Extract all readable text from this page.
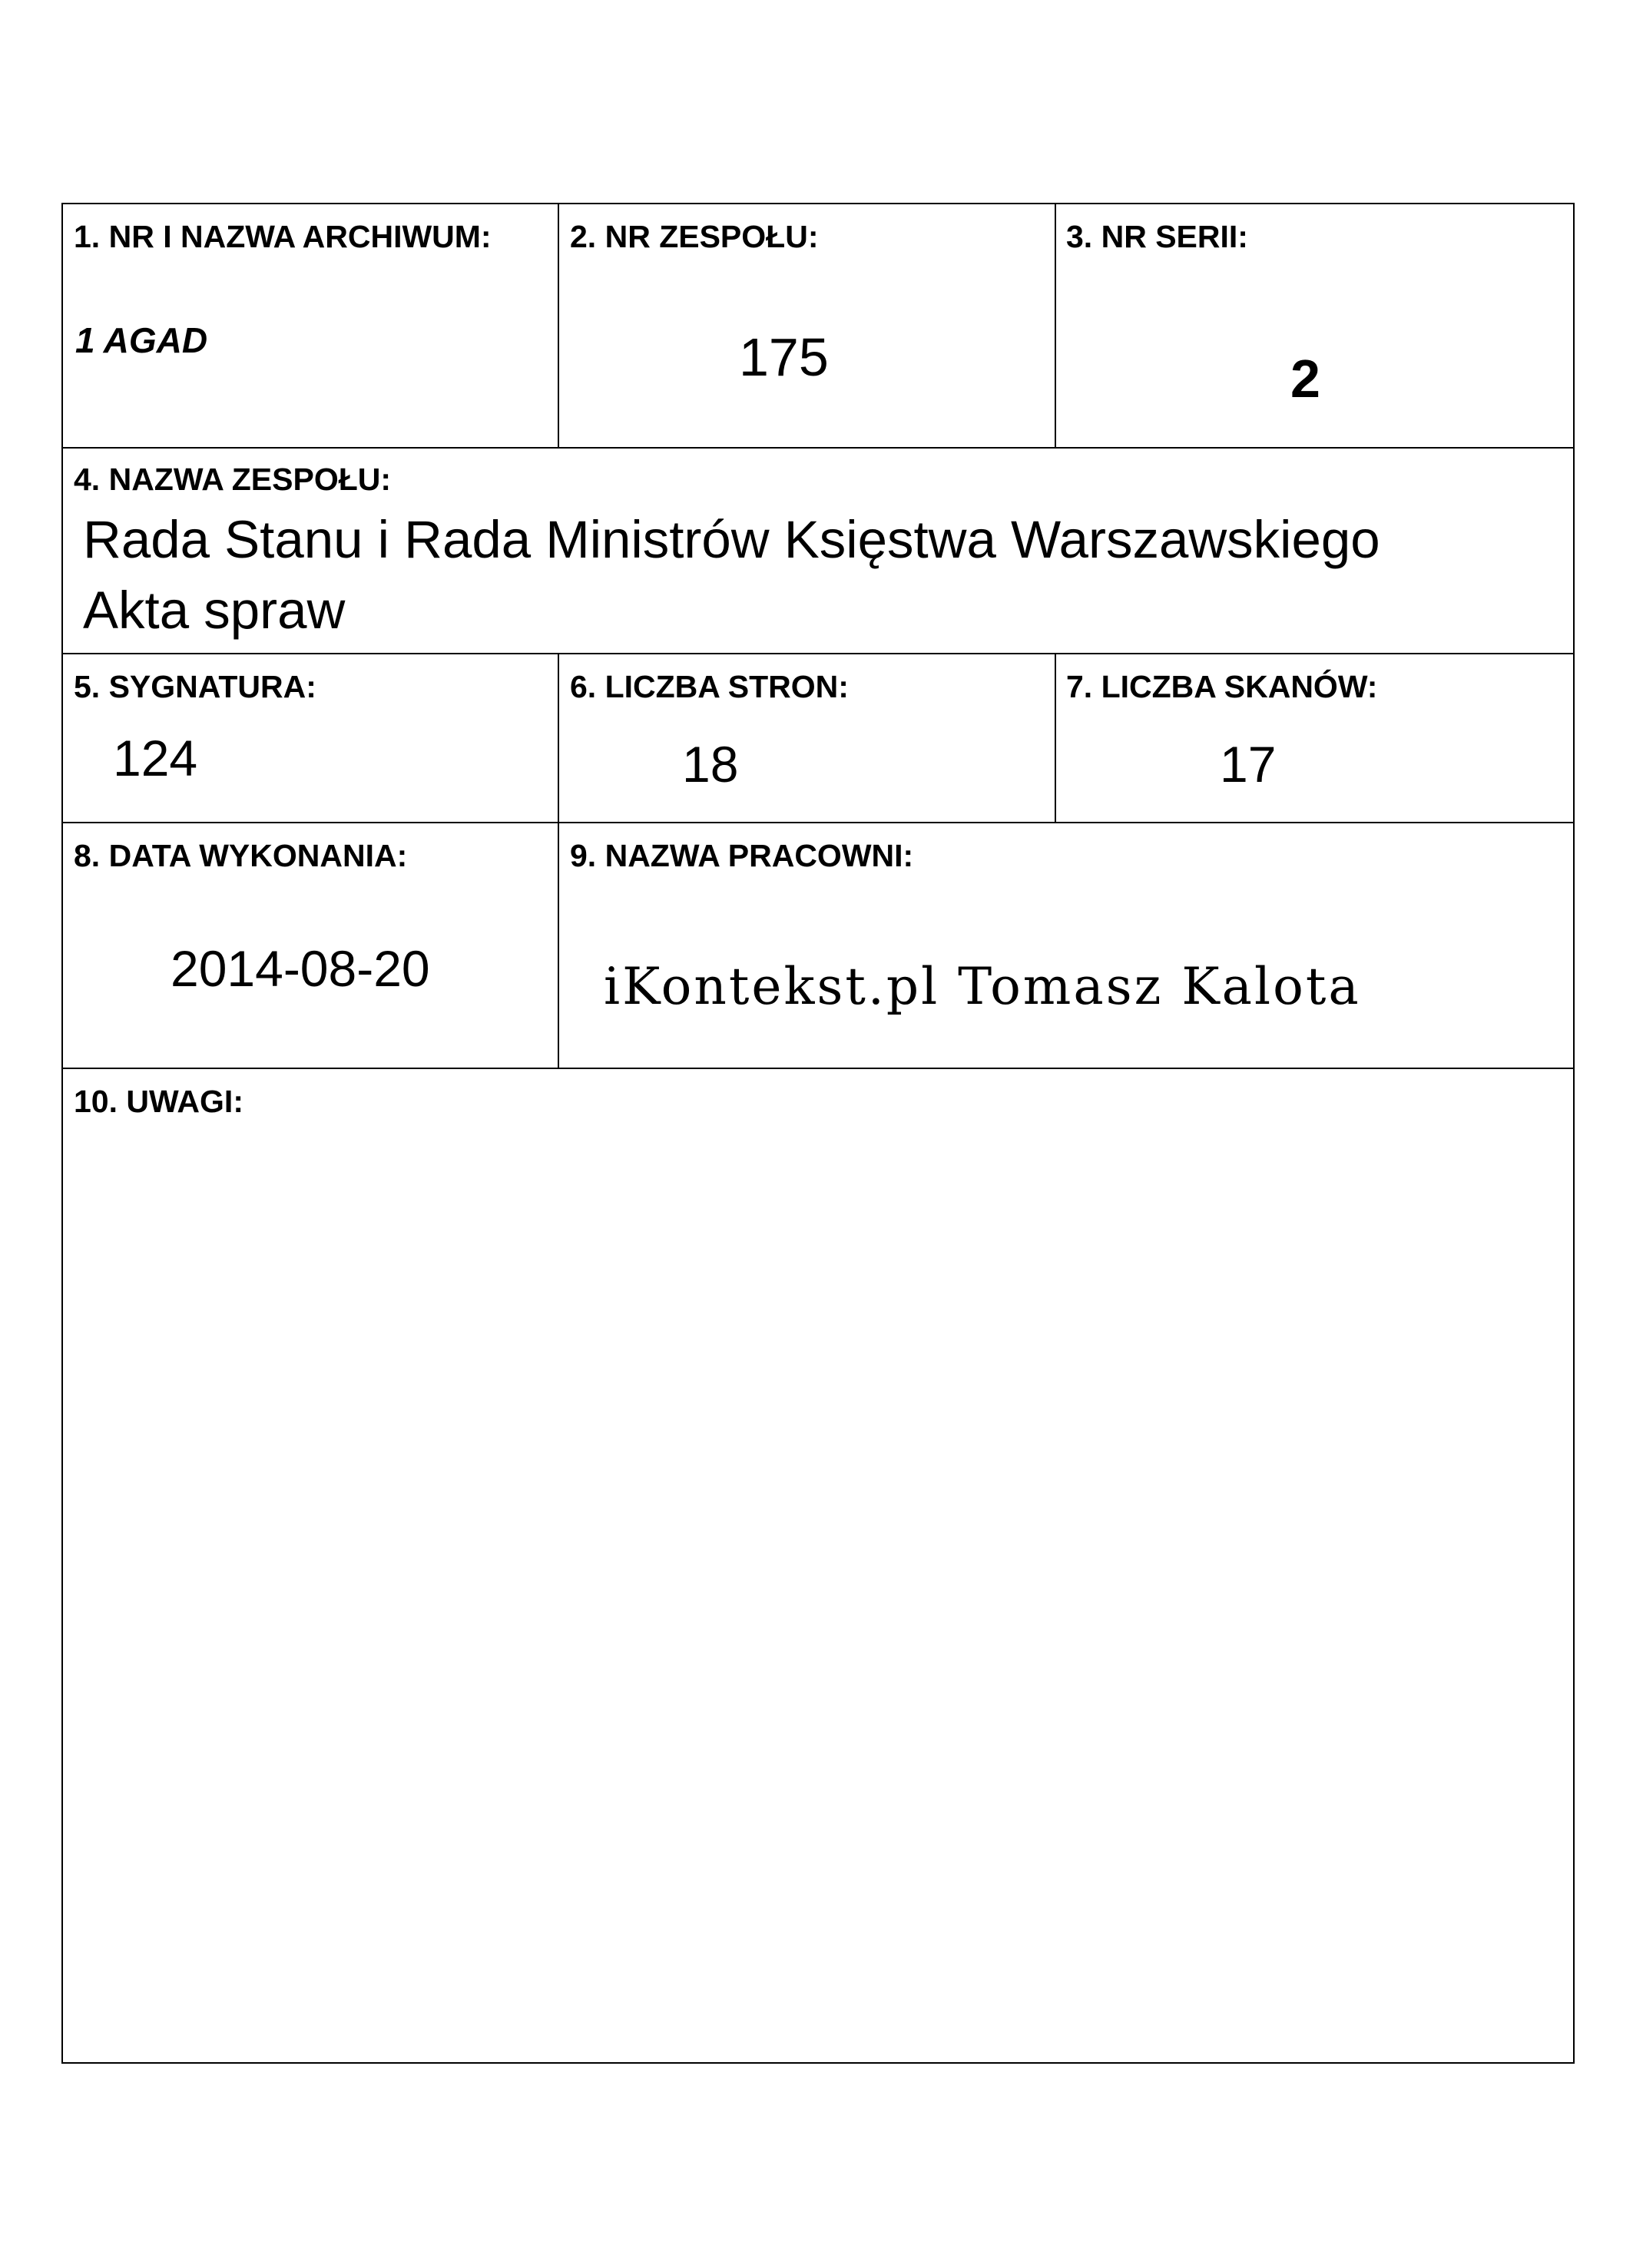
1. NR I NAZWA ARCHIWUM:
1 AGAD
2. NR ZESPOŁU:
175
3. NR SERII:
2
4. NAZWA ZESPOŁU:
Rada Stanu i Rada Ministrów Księstwa Warszawskiego
Akta spraw
5. SYGNATURA:
124
6. LICZBA STRON:
18
7. LICZBA SKANÓW:
17
8. DATA WYKONANIA:
2014-08-20
9. NAZWA PRACOWNI:
iKontekst.pl Tomasz Kalota
10. UWAGI:
